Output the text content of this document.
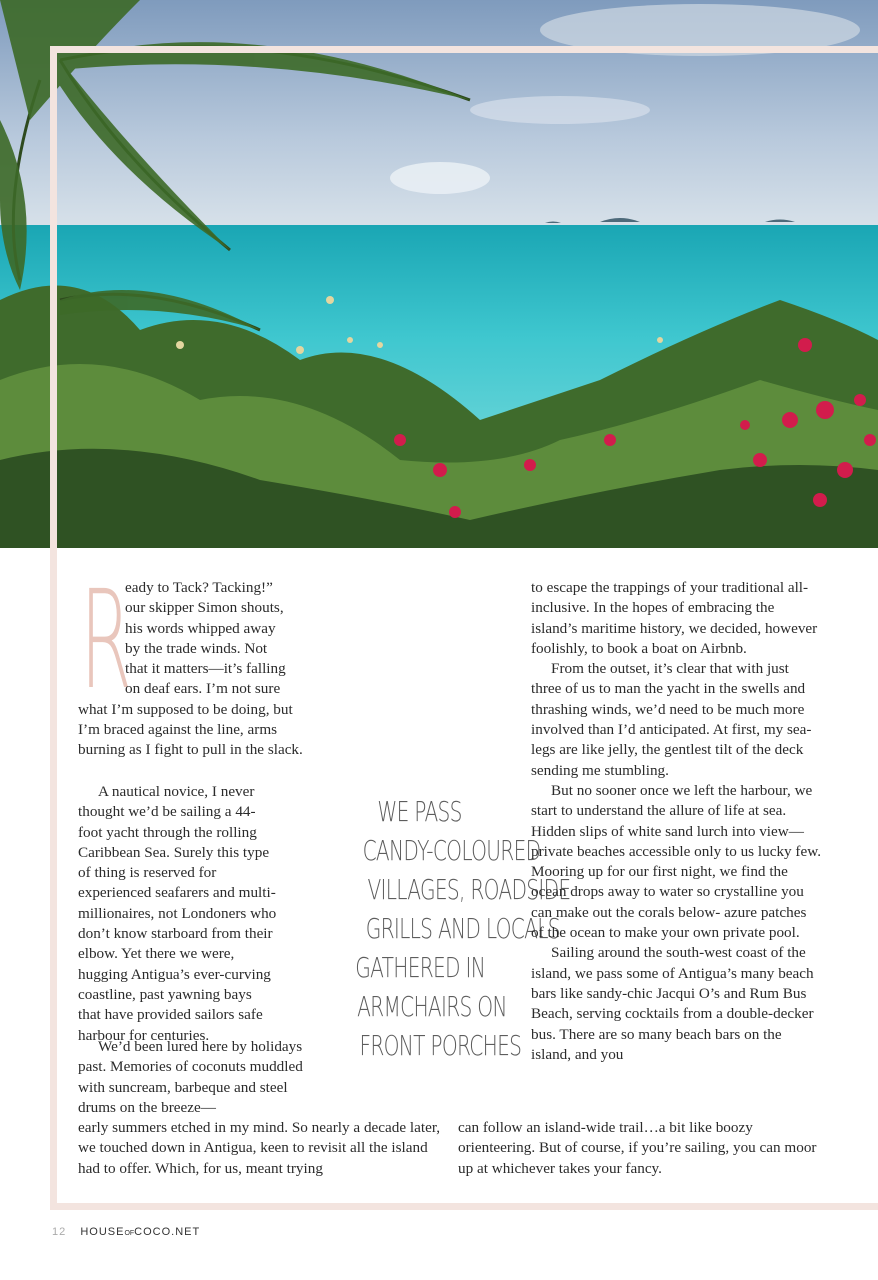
R
eady to Tack? Tacking!”
our skipper Simon shouts,
his words whipped away
by the trade winds. Not
that it matters—it’s falling
on deaf ears. I’m not sure

what I’m supposed to be doing, but I’m braced against the line, arms burning as I fight to pull in the slack.

A nautical novice, I never thought we’d be sailing a 44-foot yacht through the rolling Caribbean Sea. Surely this type of thing is reserved for experienced seafarers and multi-millionaires, not Londoners who don’t know starboard from their elbow. Yet there we were, hugging Antigua’s ever-curving coastline, past yawning bays that have provided sailors safe harbour for centuries.

We’d been lured here by holidays past. Memories of coconuts muddled with suncream, barbeque and steel drums on the breeze—

early summers etched in my mind. So nearly a decade later, we touched down in Antigua, keen to revisit all the island had to offer. Which, for us, meant trying

WE PASS
CANDY-COLOURED
VILLAGES, ROADSIDE
GRILLS AND LOCALS
GATHERED IN
ARMCHAIRS ON
FRONT PORCHES

to escape the trappings of your traditional all-inclusive. In the hopes of embracing the island’s maritime history, we decided, however foolishly, to book a boat on Airbnb.

From the outset, it’s clear that with just three of us to man the yacht in the swells and thrashing winds, we’d need to be much more involved than I’d anticipated. At first, my sea-legs are like jelly, the gentlest tilt of the deck sending me stumbling.

But no sooner once we left the harbour, we start to understand the allure of life at sea. Hidden slips of white sand lurch into view—private beaches accessible only to us lucky few. Mooring up for our first night, we find the ocean drops away to water so crystalline you can make out the corals below- azure patches of the ocean to make your own private pool.

Sailing around the south-west coast of the island, we pass some of Antigua’s many beach bars like sandy-chic Jacqui O’s and Rum Bus Beach, serving cocktails from a double-decker bus. There are so many beach bars on the island, and you

can follow an island-wide trail…a bit like boozy orienteering. But of course, if you’re sailing, you can moor up at whichever takes your fancy.

12 HOUSEOFCOCO.NET
